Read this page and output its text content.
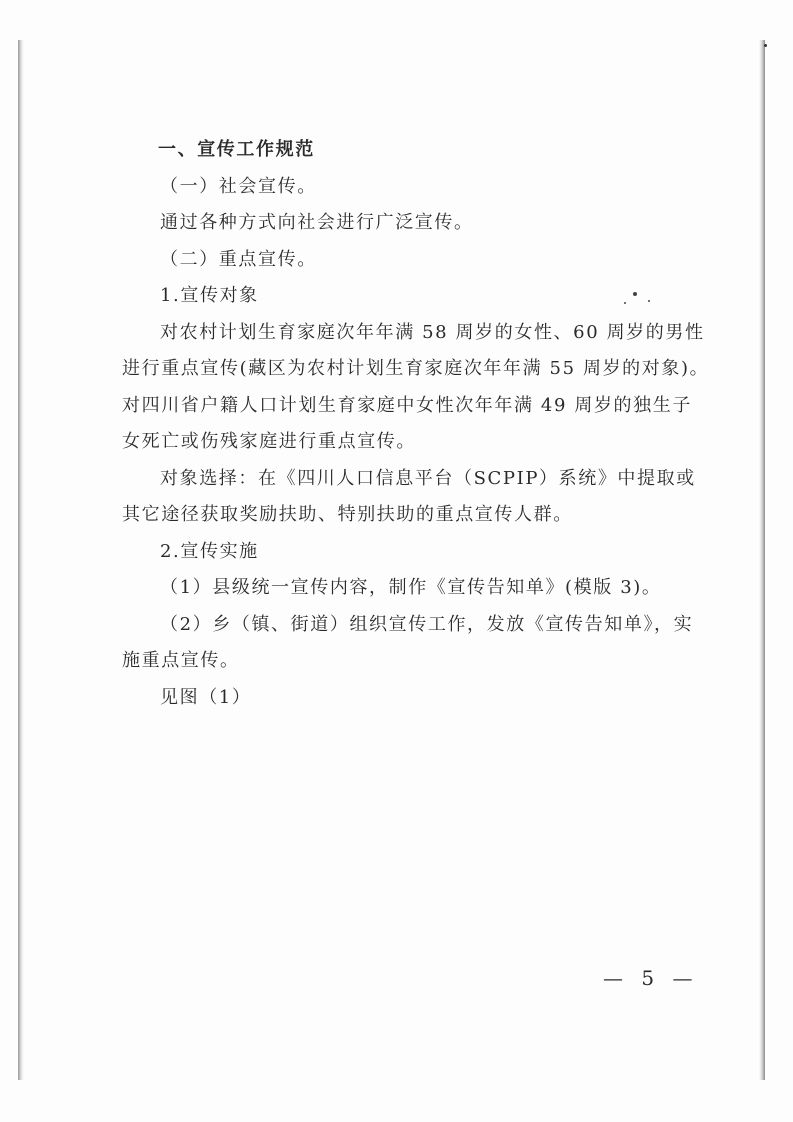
一、宣传工作规范
（一）社会宣传。
通过各种方式向社会进行广泛宣传。
（二）重点宣传。
1.宣传对象
对农村计划生育家庭次年年满 58 周岁的女性、60 周岁的男性
进行重点宣传(藏区为农村计划生育家庭次年年满 55 周岁的对象)。
对四川省户籍人口计划生育家庭中女性次年年满 49 周岁的独生子
女死亡或伤残家庭进行重点宣传。
对象选择：在《四川人口信息平台（SCPIP）系统》中提取或
其它途径获取奖励扶助、特别扶助的重点宣传人群。
2.宣传实施
（1）县级统一宣传内容，制作《宣传告知单》(模版 3)。
（2）乡（镇、街道）组织宣传工作，发放《宣传告知单》，实
施重点宣传。
见图（1）
— 5 —
